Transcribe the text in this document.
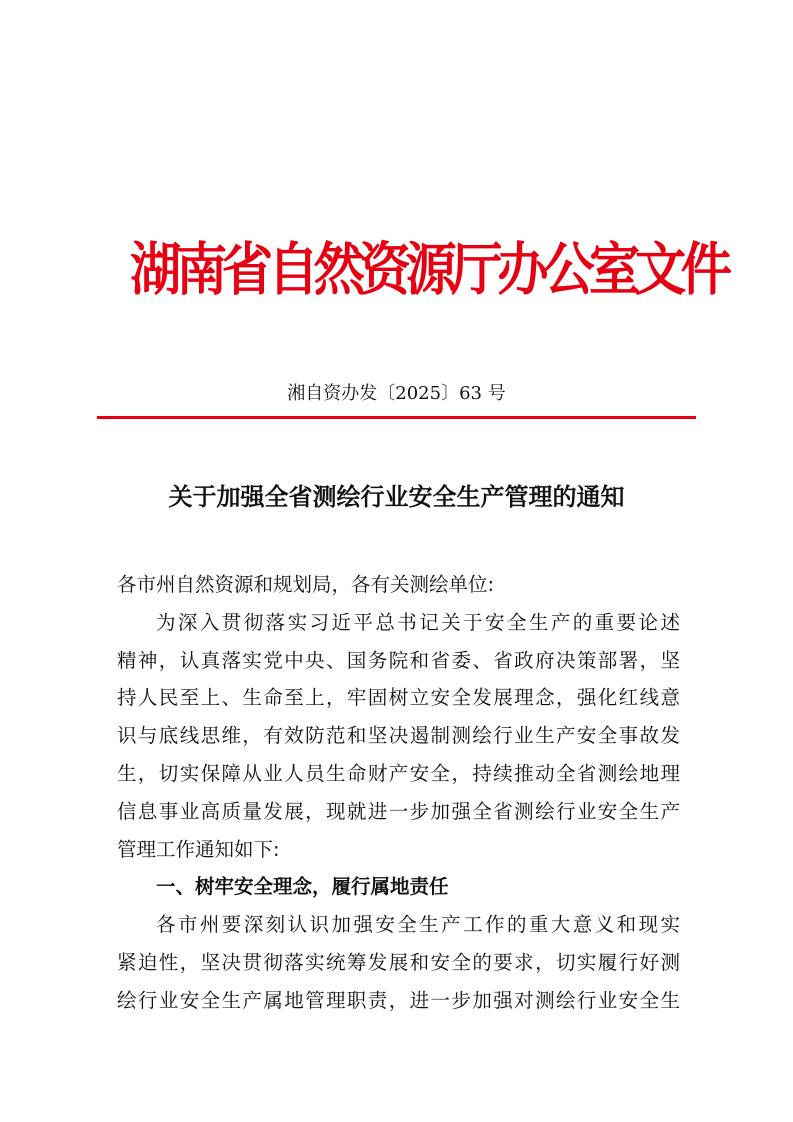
湖南省自然资源厅办公室文件
湘自资办发〔2025〕63 号
关于加强全省测绘行业安全生产管理的通知
各市州自然资源和规划局，各有关测绘单位:
为深入贯彻落实习近平总书记关于安全生产的重要论述
精神，认真落实党中央、国务院和省委、省政府决策部署，坚
持人民至上、生命至上，牢固树立安全发展理念，强化红线意
识与底线思维，有效防范和坚决遏制测绘行业生产安全事故发
生，切实保障从业人员生命财产安全，持续推动全省测绘地理
信息事业高质量发展，现就进一步加强全省测绘行业安全生产
管理工作通知如下:
一、树牢安全理念，履行属地责任
各市州要深刻认识加强安全生产工作的重大意义和现实
紧迫性，坚决贯彻落实统筹发展和安全的要求，切实履行好测
绘行业安全生产属地管理职责，进一步加强对测绘行业安全生
